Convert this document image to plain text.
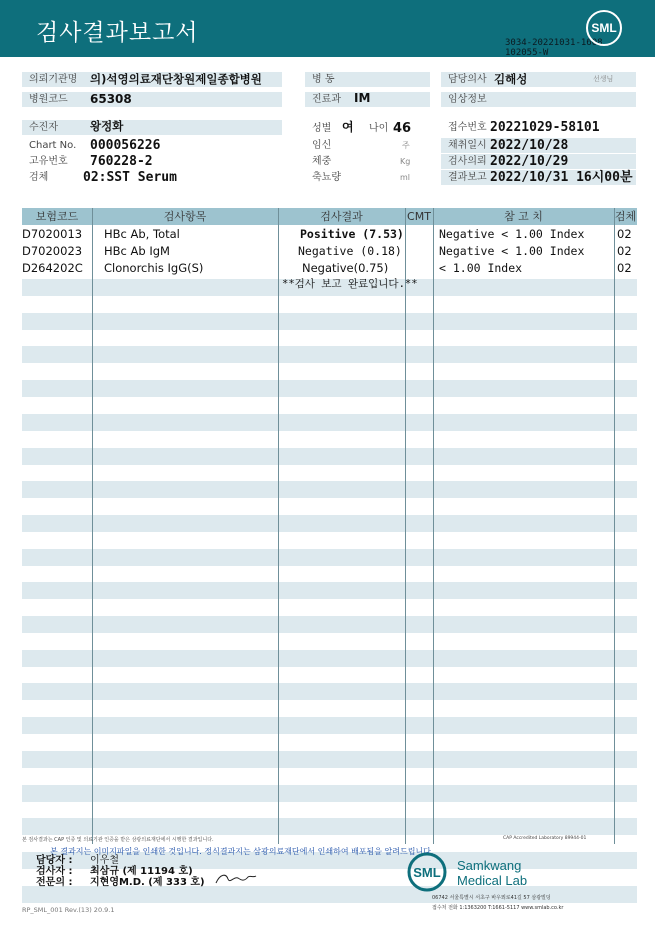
검사결과보고서	3034-20221031-1608
102055-W
SML
의뢰기관명	의)석영의료재단창원제일종합병원	병 동	담당의사 김해성	선생님
병원코드	65308	진료과	IM	임상정보
수진자	왕정화	성별 여 나이 46	접수번호 20221029-58101
Chart No.	000056226	임신	주	채취일시 2022/10/28
고유번호	760228-2	체중	Kg	검사의뢰 2022/10/29
검체	02:SST Serum	축뇨량	ml	결과보고 2022/10/31 16시00분
보험코드	검사항목	검사결과	CMT	참 고 치	검체
D7020013 HBc Ab, Total	Positive (7.53)	Negative < 1.00 Index	02
D7020023 HBc Ab IgM	Negative (0.18)	Negative < 1.00 Index	02
D264202C Clonorchis IgG(S)	Negative(0.75)	< 1.00 Index	02
**검사 보고 완료입니다.**
본 검사결과는 CAP 인증 및 의료기관 인증을 받은 삼광의료재단에서 시행한 결과입니다.	CAP Accredited Laboratory 89944-01
본 결과지는 이미지파일을 인쇄한 것입니다. 정식결과지는 삼광의료재단에서 인쇄하여 배포됨을 알려드립니다.
담당자 : 이우철
검사자 : 최삼규 (제 11194 호)
전문의 : 지현영M.D. (제 333 호)
RP_SML_001 Rev.(13) 20.9.1
SML Samkwang
Medical Lab
06742 서울특별시 서초구 바우뫼로41길 57 삼광빌딩
접수처 전화 1:1363200 T:1661-5117 www.smlab.co.kr
